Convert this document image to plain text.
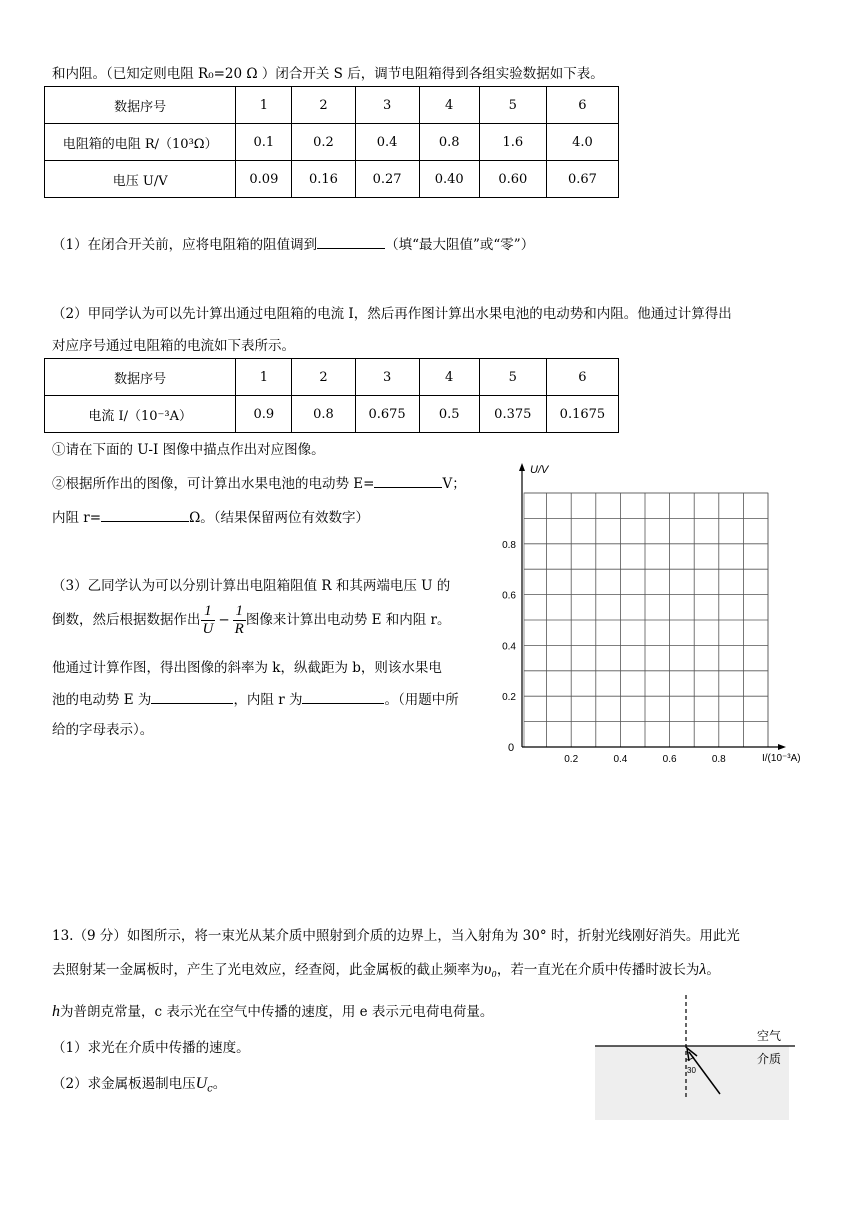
和内阻。（已知定则电阻 R₀=20 Ω ）闭合开关 S 后，调节电阻箱得到各组实验数据如下表。
数据序号	1	2	3	4	5	6
电阻箱的电阻 R/（10³Ω）	0.1	0.2	0.4	0.8	1.6	4.0
电压 U/V	0.09	0.16	0.27	0.40	0.60	0.67
（1）在闭合开关前，应将电阻箱的阻值调到	（填“最大阻值”或“零”）
（2）甲同学认为可以先计算出通过电阻箱的电流 I，然后再作图计算出水果电池的电动势和内阻。他通过计算得出
对应序号通过电阻箱的电流如下表所示。
数据序号	1	2	3	4	5	6
电流 I/（10⁻³A）	0.9	0.8	0.675	0.5	0.375	0.1675
①请在下面的 U-I 图像中描点作出对应图像。
②根据所作出的图像，可计算出水果电池的电动势 E=	V；
内阻 r=	Ω。（结果保留两位有效数字）
（3）乙同学认为可以分别计算出电阻箱阻值 R 和其两端电压 U 的
倒数，然后根据数据作出 $\frac{1}{U} - \frac{1}{R}$ 图像来计算出电动势 E 和内阻 r。
他通过计算作图，得出图像的斜率为 k，纵截距为 b，则该水果电
池的电动势 E 为	，内阻 r 为	。（用题中所
给的字母表示）。
U/V
I/(10⁻³A)
0
0.2	0.4	0.6	0.8
0.2
0.4
0.6
0.8
13.（9 分）如图所示，将一束光从某介质中照射到介质的边界上，当入射角为 30° 时，折射光线刚好消失。用此光
去照射某一金属板时，产生了光电效应，经查阅，此金属板的截止频率为υ₀，若一直光在介质中传播时波长为λ。
h为普朗克常量，c 表示光在空气中传播的速度，用 e 表示元电荷电荷量。
（1）求光在介质中传播的速度。
（2）求金属板遏制电压$U_c$。
空气
介质
30
